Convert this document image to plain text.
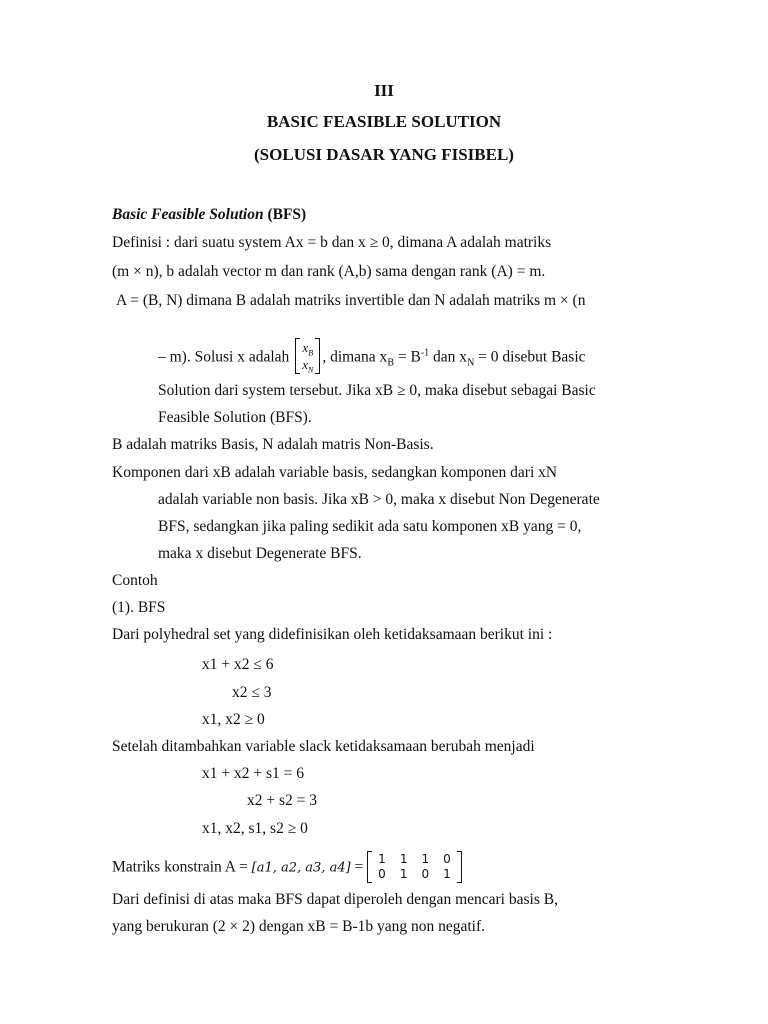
III
BASIC FEASIBLE SOLUTION
(SOLUSI DASAR YANG FISIBEL)
Basic Feasible Solution (BFS)
Definisi : dari suatu system Ax = b dan x ≥ 0, dimana A adalah matriks
(m × n), b adalah vector m dan rank (A,b) sama dengan rank (A) = m.
A = (B, N) dimana B adalah matriks invertible dan N adalah matriks m × (n
– m). Solusi x adalah
$x_B$
$x_N$
, dimana $x_B = B^{-1}$ dan $x_N = 0$ disebut Basic
Solution dari system tersebut. Jika xB ≥ 0, maka disebut sebagai Basic
Feasible Solution (BFS).
B adalah matriks Basis, N adalah matris Non-Basis.
Komponen dari xB adalah variable basis, sedangkan komponen dari xN
adalah variable non basis. Jika xB > 0, maka x disebut Non Degenerate
BFS, sedangkan jika paling sedikit ada satu komponen xB yang = 0,
maka x disebut Degenerate BFS.
Contoh
(1). BFS
Dari polyhedral set yang didefinisikan oleh ketidaksamaan berikut ini :
x1 + x2 ≤ 6
x2 ≤ 3
x1, x2 ≥ 0
Setelah ditambahkan variable slack ketidaksamaan berubah menjadi
x1 + x2 + s1 = 6
x2 + s2 = 3
x1, x2, s1, s2 ≥ 0
Matriks konstrain A = [a1, a2, a3, a4] = 1	1	1	0
0	1	0	1
Dari definisi di atas maka BFS dapat diperoleh dengan mencari basis B,
yang berukuran (2 × 2) dengan xB = B-1b yang non negatif.
